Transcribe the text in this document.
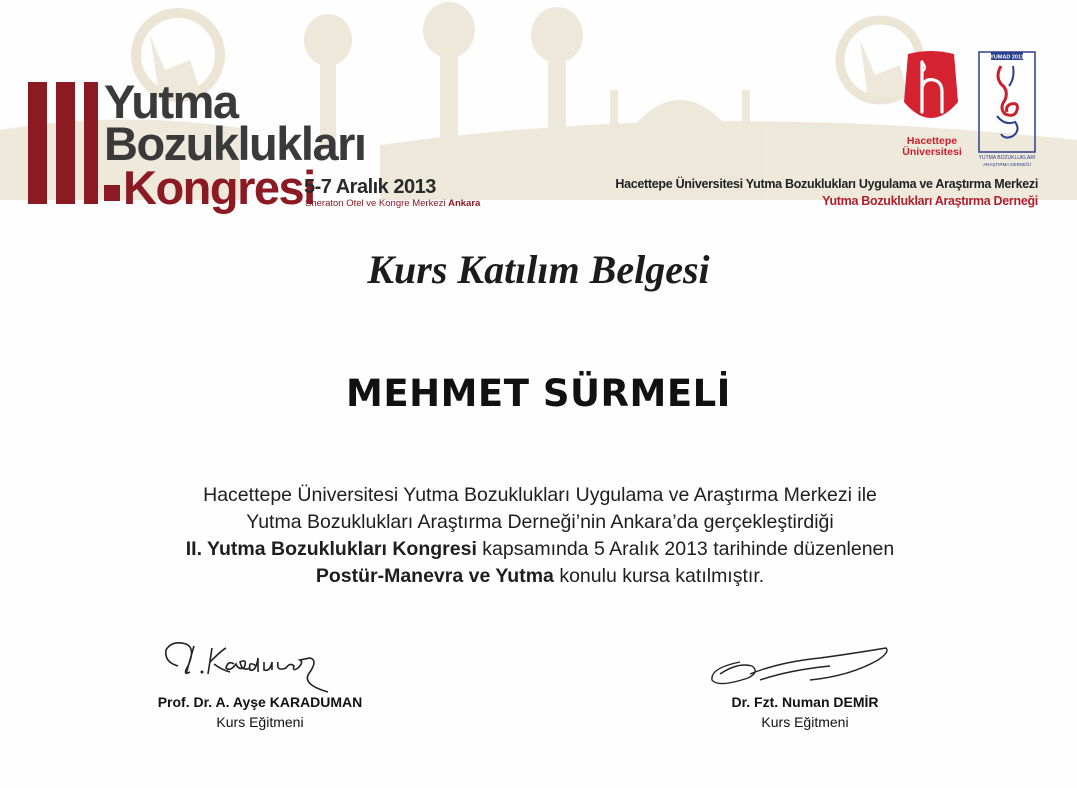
Yutma
Bozuklukları
Kongresi
5-7 Aralık 2013
Sheraton Otel ve Kongre Merkezi Ankara
Hacettepe
Üniversitesi
YUMAD 2011
YUTMA BOZUKLUKLARI
ARAŞTIRMA DERNEĞİ
Hacettepe Üniversitesi Yutma Bozuklukları Uygulama ve Araştırma Merkezi
Yutma Bozuklukları Araştırma Derneği
Kurs Katılım Belgesi
MEHMET SÜRMELİ
Hacettepe Üniversitesi Yutma Bozuklukları Uygulama ve Araştırma Merkezi ile
Yutma Bozuklukları Araştırma Derneği’nin Ankara’da gerçekleştirdiği
II. Yutma Bozuklukları Kongresi kapsamında 5 Aralık 2013 tarihinde düzenlenen
Postür-Manevra ve Yutma konulu kursa katılmıştır.
Prof. Dr. A. Ayşe KARADUMAN
Kurs Eğitmeni
Dr. Fzt. Numan DEMİR
Kurs Eğitmeni
